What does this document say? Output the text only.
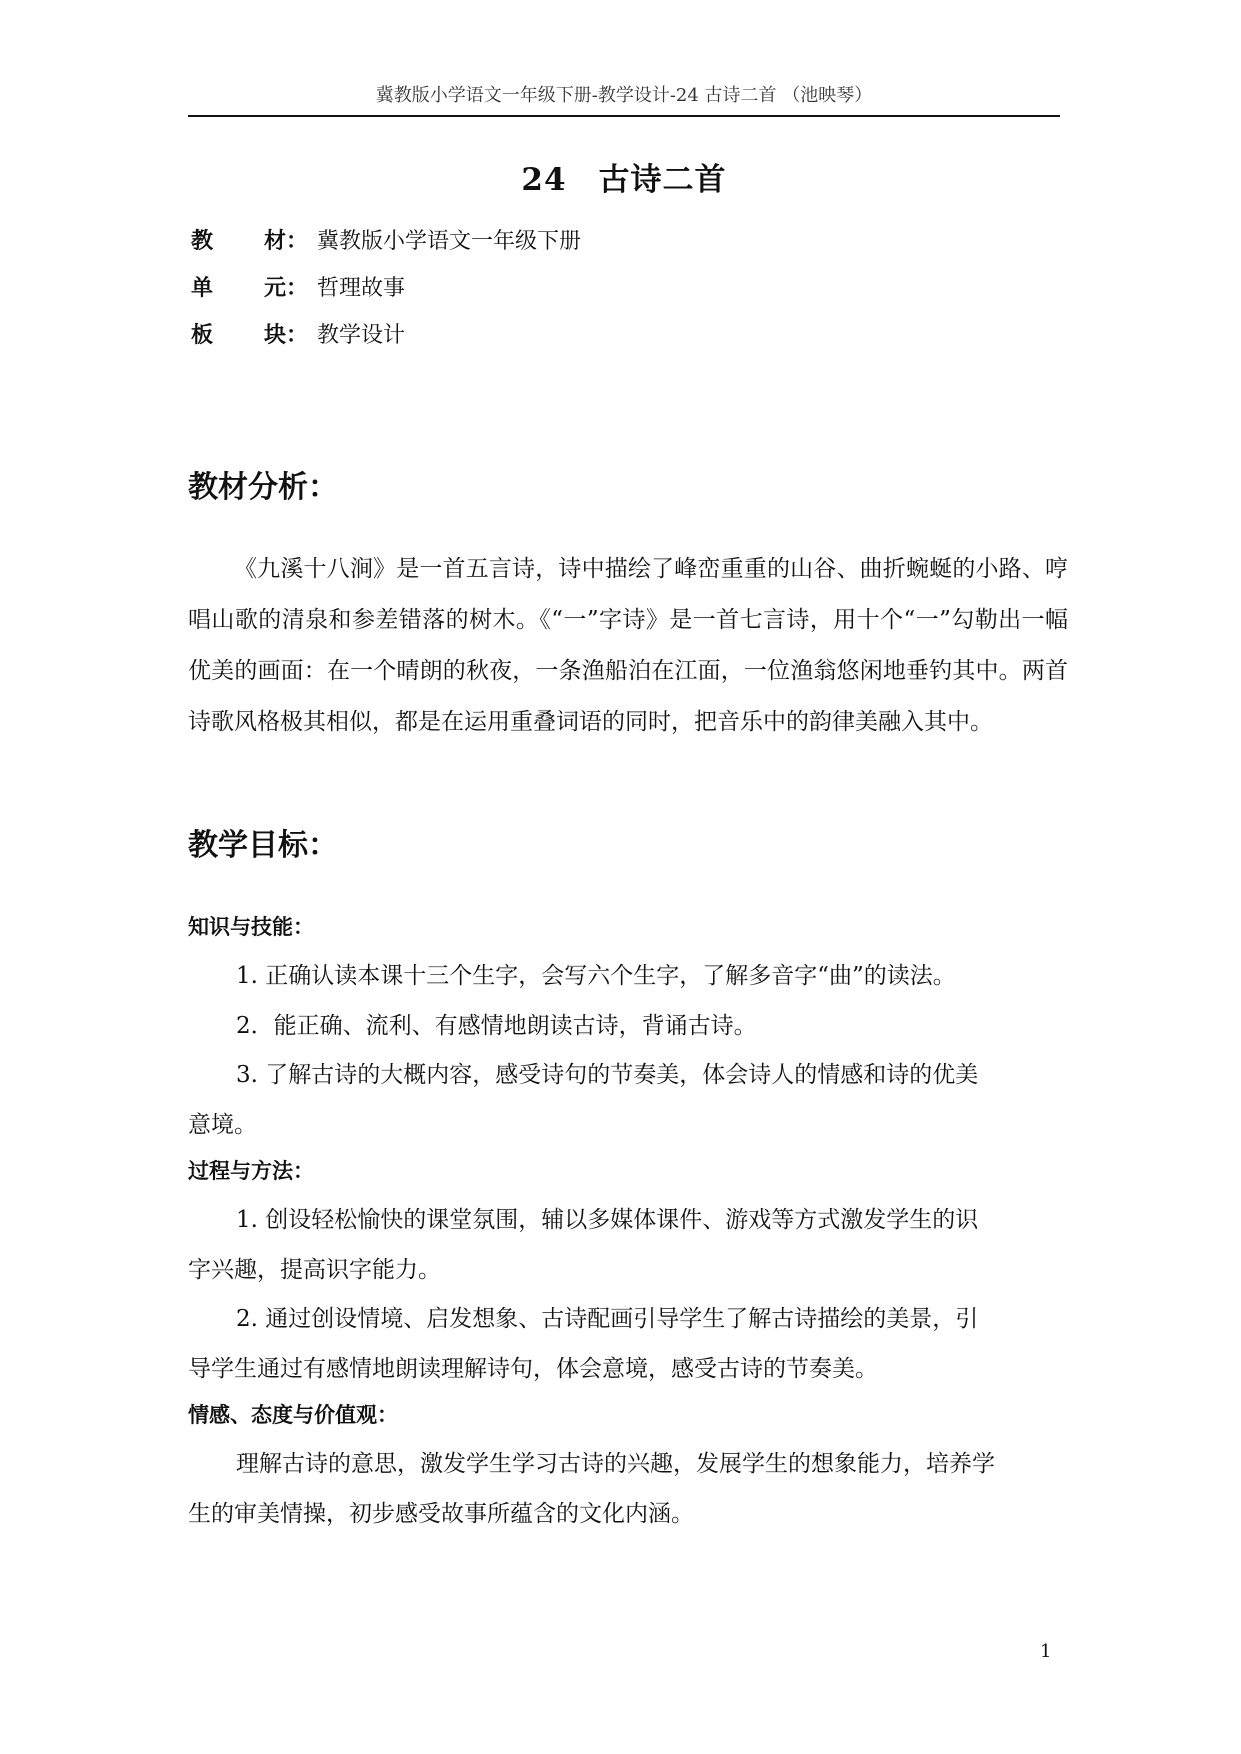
冀教版小学语文一年级下册-教学设计-24 古诗二首 （池映琴）
24　古诗二首
教 材： 冀教版小学语文一年级下册
单 元： 哲理故事
板 块： 教学设计
教材分析：
《九溪十八涧》是一首五言诗，诗中描绘了峰峦重重的山谷、曲折蜿蜒的小路、哼唱山歌的清泉和参差错落的树木。《“一”字诗》是一首七言诗，用十个“一”勾勒出一幅优美的画面：在一个晴朗的秋夜，一条渔船泊在江面，一位渔翁悠闲地垂钓其中。两首诗歌风格极其相似，都是在运用重叠词语的同时，把音乐中的韵律美融入其中。
教学目标：
知识与技能：
1. 正确认读本课十三个生字，会写六个生字，了解多音字“曲”的读法。
2．能正确、流利、有感情地朗读古诗，背诵古诗。
3. 了解古诗的大概内容，感受诗句的节奏美，体会诗人的情感和诗的优美
意境。
过程与方法：
1. 创设轻松愉快的课堂氛围，辅以多媒体课件、游戏等方式激发学生的识
字兴趣，提高识字能力。
2. 通过创设情境、启发想象、古诗配画引导学生了解古诗描绘的美景，引
导学生通过有感情地朗读理解诗句，体会意境，感受古诗的节奏美。
情感、态度与价值观：
理解古诗的意思，激发学生学习古诗的兴趣，发展学生的想象能力，培养学
生的审美情操，初步感受故事所蕴含的文化内涵。
1
